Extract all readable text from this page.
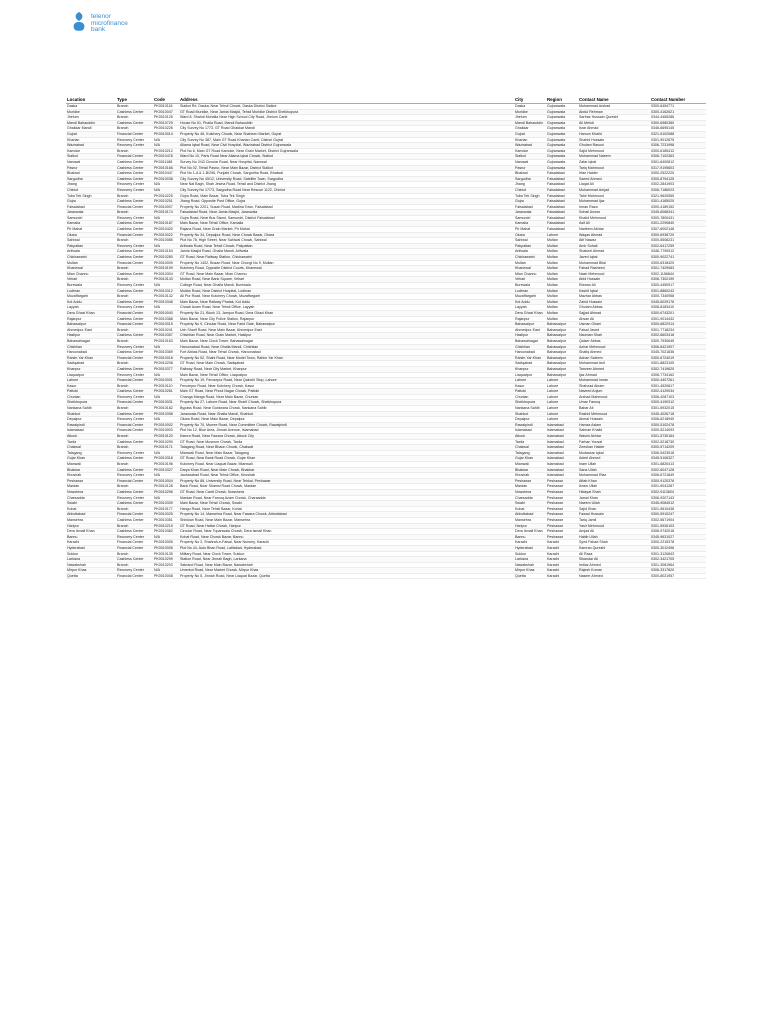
telenor
microfinance
bank
Location	Type	Code	Address	City	Region	Contact Name	Contact Number
Daska	Branch	PK0010116	Sialkot Rd. Daska, Near Tehsil Chowk, Daska District Sialkot	Daska	Gujranwala	Muhammad Arshad	0300-6454771
Muridke	Cashless Center	PK0010047	GT Road Muridke, Near Jamia Masjid, Tehsil Muridke District Sheikhupura	Muridke	Gujranwala	Abdul Rehman	0300-4162621
Jhelum	Branch	PK0010125	Ward 8, Shahdi Mohalla Near High School City Road, Jhelum Cantt	Jhelum	Gujranwala	Sarfraz Hussain Qureshi	0344-4455286
Mandi Bahauddin	Cashless Center	PK0010729	House No 61, Phalia Road, Mandi Bahauddin	Mandi Bahauddin	Gujranwala	Ali Mehdi	0300-6980380
Ghakkar Mandi	Branch	PK0010226	City Survey No 1773, GT Road Ghakkar Mandi	Ghakkar	Gujranwala	Israr Ahmad	0346-6695145
Gujrat	Financial Center	PK0010014	Property No 48, Kutchery Chowk, Near Shaheen Market, Gujrat	Gujrat	Gujranwala	Haroon Khalid	0321-5102088
Kharian	Recovery Center	N/A	City Survey No 387, Main GT Road Kharian Cantt, District Gujrat	Kharian	Gujranwala	Shahid Hussain	0301-9012875
Wazirabad	Recovery Center	N/A	Allama Iqbal Road, Near Civil Hospital, Wazirabad District Gujranwala	Wazirabad	Gujranwala	Ghulam Rasool	0306-7231998
Kamoke	Branch	PK0010212	Plot No 6, Main GT Road Kamoke, Near Grain Market, District Gujranwala	Kamoke	Gujranwala	Sajid Mehmood	0300-6185412
Sialkot	Financial Center	PK0010476	Ward No 10, Paris Road Near Allama Iqbal Chowk, Sialkot	Sialkot	Gujranwala	Muhammad Naeem	0306-7102363
Narowal	Cashless Center	PK0011188	Survey No 2/43 Circular Road, Near Hospital, Narowal	Narowal	Gujranwala	Zafar Iqbal	0301-6400812
Pasrur	Cashless Center	PK0010166	Plot No 02, Tehsil Pasrur, Near Main Bazar, District Sialkot	Pasrur	Gujranwala	Tariq Mahmood	0317-9195603
Bhalwal	Cashless Center	PK0010447	Plot No 1-A & 1-B/296, Punjabi Chowk, Sargodha Road, Bhalwal	Bhalwal	Faisalabad	Irfan Haider	0300-2522220
Sargodha	Cashless Center	PK0010038	City Survey No 45/12, University Road, Satellite Town, Sargodha	Sargodha	Faisalabad	Saeed Ahmed	0300-8794125
Jhang	Recovery Center	N/A	Near Nai Bagh, Shah Jewna Road, Tehsil and District Jhang	Jhang	Faisalabad	Liaqat Ali	0302-2841903
Chiniot	Recovery Center	N/A	City Survey No 17/73, Sargodha Road Near Rescue 1122, Chiniot	Chiniot	Faisalabad	Muhammad Amjad	0306-7186023
Toba Tek Singh	Branch	PK0010225	Gojra Road, Main Bazar, Toba Tek Singh	Toba Tek Singh	Faisalabad	Tahir Mahmood	0321-9620555
Gojra	Cashless Center	PK0010251	Jhang Road, Opposite Post Office, Gojra	Gojra	Faisalabad	Muhammad Ijaz	0301-4185020
Faisalabad	Financial Center	PK0010007	Property No 2201, Susan Road, Madina Town, Faisalabad	Faisalabad	Faisalabad	Imran Raza	0300-4189152
Jaranwala	Branch	PK0010174	Faisalabad Road, Near Jamia Masjid, Jaranwala	Jaranwala	Faisalabad	Sohail Anwar	0345-6068341
Samundri	Recovery Center	N/A	Gojra Road, Near Bus Stand, Samundri, District Faisalabad	Samundri	Faisalabad	Khalid Mehmood	0300-7800431
Kamalia	Cashless Center	PK0010187	Main Bazar, Near Tehsil Office, Kamalia	Kamalia	Faisalabad	Asif Ali	0301-2290840
Pir Mahal	Cashless Center	PK0010420	Rajana Road, Near Grain Market, Pir Mahal	Pir Mahal	Faisalabad	Nadeem Akhtar	0307-6002148
Okara	Financial Center	PK0010022	Property No 34, Depalpur Road, Near Chowk Bazar, Okara	Okara	Lahore	Waqas Ahmad	0300-6938720
Sahiwal	Branch	PK0010085	Plot No 78, High Street, Near Sahiwal Chowk, Sahiwal	Sahiwal	Multan	Atif Nawaz	0300-5508231
Pakpattan	Recovery Center	N/A	Arifwala Road, Near Tehsil Chowk, Pakpattan	Pakpattan	Multan	Amir Sohail	0302-6417259
Arifwala	Cashless Center	PK0010154	Jamia Masjid Road, Ghalla Mandi, Arifwala	Arifwala	Multan	Shakeel Ahmad	0346-7790512
Chichawatni	Cashless Center	PK0010280	GT Road, Near Railway Station, Chichawatni	Chichawatni	Multan	Javed Iqbal	0300-9022741
Multan	Financial Center	PK0010009	Property No 1402, Bosan Road, Near Chungi No 9, Multan	Multan	Multan	Muhammad Bilal	0300-6318420
Khanewal	Branch	PK0010199	Kutchery Road, Opposite District Courts, Khanewal	Khanewal	Multan	Fahad Rasheed	0301-7429083
Mian Channu	Cashless Center	PK0010304	GT Road, Near Main Bazar, Mian Channu	Mian Channu	Multan	Nasir Mehmood	0302-1156844
Vehari	Branch	PK0010143	Multan Road, Near Bank Square, Vehari	Vehari	Multan	Abid Hussain	0306-7302190
Burewala	Recovery Center	N/A	College Road, Near Ghalla Mandi, Burewala	Burewala	Multan	Rizwan Ali	0300-4450917
Lodhran	Cashless Center	PK0010312	Multan Road, Near District Hospital, Lodhran	Lodhran	Multan	Kashif Iqbal	0301-8860242
Muzaffargarh	Branch	PK0010132	Ali Pur Road, Near Kutchery Chowk, Muzaffargarh	Muzaffargarh	Multan	Mazhar Abbas	0300-7340958
Kot Addu	Cashless Center	PK0010346	Main Bazar, Near Railway Phatak, Kot Addu	Kot Addu	Multan	Zahid Hussain	0345-6029176
Layyah	Recovery Center	N/A	Chowk Azam Road, Near Tehsil Office, Layyah	Layyah	Multan	Ghulam Abbas	0306-8183410
Dera Ghazi Khan	Financial Center	PK0010040	Property No 21, Block 13, Jampur Road, Dera Ghazi Khan	Dera Ghazi Khan	Multan	Sajjad Ahmad	0300-6743201
Rajanpur	Cashless Center	PK0010388	Main Bazar, Near City Police Station, Rajanpur	Rajanpur	Multan	Ahsan Ali	0301-9014432
Bahawalpur	Financial Center	PK0010015	Property No 9, Circular Road, Near Farid Gate, Bahawalpur	Bahawalpur	Bahawalpur	Usman Ghani	0300-6822914
Ahmedpur East	Branch	PK0010241	Uch Sharif Road, Near Main Bazar, Ahmedpur East	Ahmedpur East	Bahawalpur	Faisal Javed	0301-7718234
Hasilpur	Cashless Center	PK0010357	Chishtian Road, Near Grain Market, Hasilpur	Hasilpur	Bahawalpur	Nauman Shah	0302-6603418
Bahawalnagar	Branch	PK0010163	Main Bazar, Near Clock Tower, Bahawalnagar	Bahawalnagar	Bahawalpur	Qaiser Abbas	0300-7930645
Chishtian	Recovery Center	N/A	Haroonabad Road, Near Ghalla Mandi, Chishtian	Chishtian	Bahawalpur	Azhar Mehmood	0306-8421907
Haroonabad	Cashless Center	PK0010369	Fort Abbas Road, Near Tehsil Chowk, Haroonabad	Haroonabad	Bahawalpur	Shafiq Ahmed	0345-7021836
Rahim Yar Khan	Financial Center	PK0010018	Property No 52, Shahi Road, Near Model Town, Rahim Yar Khan	Rahim Yar Khan	Bahawalpur	Adnan Saleem	0300-6724019
Sadiqabad	Branch	PK0010208	GT Road, Near Main Chowk, Sadiqabad	Sadiqabad	Bahawalpur	Muhammad Asif	0301-8823105
Khanpur	Cashless Center	PK0010377	Railway Road, Near City Market, Khanpur	Khanpur	Bahawalpur	Tanveer Ahmed	0302-7419620
Liaquatpur	Recovery Center	N/A	Main Bazar, Near Tehsil Office, Liaquatpur	Liaquatpur	Bahawalpur	Ijaz Ahmad	0306-7734162
Lahore	Financial Center	PK0010001	Property No 19, Ferozepur Road, Near Qainchi Stop, Lahore	Lahore	Lahore	Muhammad Imran	0300-4407261
Kasur	Branch	PK0010110	Ferozepur Road, Near Kutchery Chowk, Kasur	Kasur	Lahore	Shahzad Akram	0301-4520817
Pattoki	Cashless Center	PK0010261	Main GT Road, Near Phool Nagar Chowk, Pattoki	Pattoki	Lahore	Naveed Anjum	0302-4129034
Chunian	Recovery Center	N/A	Changa Manga Road, Near Main Bazar, Chunian	Chunian	Lahore	Arshad Mahmood	0306-4287103
Sheikhupura	Financial Center	PK0010031	Property No 27, Lahore Road, Near Sharif Chowk, Sheikhupura	Sheikhupura	Lahore	Umar Farooq	0300-4190312
Nankana Sahib	Branch	PK0010182	Bypass Road, Near Gurdwara Chowk, Nankana Sahib	Nankana Sahib	Lahore	Babar Ali	0301-6932015
Shahkot	Cashless Center	PK0010398	Jaranwala Road, Near Ghalla Mandi, Shahkot	Shahkot	Lahore	Rashid Mehmood	0345-4026718
Depalpur	Recovery Center	N/A	Okara Road, Near Main Bazar, Depalpur	Depalpur	Lahore	Akmal Hussain	0306-6218940
Rawalpindi	Financial Center	PK0010002	Property No 70, Murree Road, Near Committee Chowk, Rawalpindi	Rawalpindi	Islamabad	Hamza Aslam	0300-5102478
Islamabad	Financial Center	PK0010003	Plot No 12, Blue Area, Jinnah Avenue, Islamabad	Islamabad	Islamabad	Salman Khalid	0300-5214093
Attock	Branch	PK0010120	Kamra Road, Near Fawara Chowk, Attock City	Attock	Islamabad	Wasim Akhtar	0301-5730164
Taxila	Cashless Center	PK0010290	GT Road, Near Museum Chowk, Taxila	Taxila	Islamabad	Farhan Yousaf	0302-5218730
Chakwal	Branch	PK0010171	Talagang Road, Near Bhaun Chowk, Chakwal	Chakwal	Islamabad	Zeeshan Haider	0300-5714209
Talagang	Recovery Center	N/A	Mianwali Road, Near Main Bazar, Talagang	Talagang	Islamabad	Mudassar Iqbal	0306-5423918
Gujar Khan	Cashless Center	PK0010318	GT Road, Near Bank Road Chowk, Gujar Khan	Gujar Khan	Islamabad	Adeel Ahmed	0345-5106327
Mianwali	Branch	PK0010196	Kutchery Road, Near Liaquat Bazar, Mianwali	Mianwali	Islamabad	Inam Ullah	0301-6820413
Bhakkar	Cashless Center	PK0010327	Darya Khan Road, Near Main Chowk, Bhakkar	Bhakkar	Islamabad	Sana Ullah	0302-6047128
Khushab	Recovery Center	N/A	Jauharabad Road, Near Tehsil Office, Khushab	Khushab	Islamabad	Muhammad Riaz	0306-6721849
Peshawar	Financial Center	PK0010004	Property No 88, University Road, Near Tehkal, Peshawar	Peshawar	Peshawar	Aftab Khan	0300-9120376
Mardan	Branch	PK0010128	Bank Road, Near Shamsi Road Chowk, Mardan	Mardan	Peshawar	Ikram Ullah	0301-9041287
Nowshera	Cashless Center	PK0010296	GT Road, Near Cantt Chowk, Nowshera	Nowshera	Peshawar	Hidayat Shah	0302-9113604
Charsadda	Recovery Center	N/A	Mardan Road, Near Farooq Azam Chowk, Charsadda	Charsadda	Peshawar	Jamal Khan	0306-9207143
Swabi	Cashless Center	PK0010339	Main Bazar, Near Tehsil Chowk, Swabi	Swabi	Peshawar	Naeem Ullah	0345-9084512
Kohat	Branch	PK0010177	Hangu Road, Near Tehsil Bazar, Kohat	Kohat	Peshawar	Sajid Khan	0301-9610438
Abbottabad	Financial Center	PK0010025	Property No 14, Mansehra Road, Near Fawara Chowk, Abbottabad	Abbottabad	Peshawar	Fawad Hussain	0300-5910247
Mansehra	Cashless Center	PK0010351	Shinkiari Road, Near Main Bazar, Mansehra	Mansehra	Peshawar	Tariq Jamil	0302-5671904
Haripur	Branch	PK0010215	GT Road, Near Hattar Chowk, Haripur	Haripur	Peshawar	Yasir Mehmood	0301-5926103
Dera Ismail Khan	Cashless Center	PK0010362	Circular Road, Near Topanwala Chowk, Dera Ismail Khan	Dera Ismail Khan	Peshawar	Amjad Ali	0306-9742018
Bannu	Recovery Center	N/A	Kohat Road, Near Chowk Bazar, Bannu	Bannu	Peshawar	Habib Ullah	0345-9631027
Karachi	Financial Center	PK0010005	Property No 3, Shahrah-e-Faisal, Near Nursery, Karachi	Karachi	Karachi	Syed Fahad Shah	0300-2215378
Hyderabad	Financial Center	PK0010006	Plot No 44, Auto Bhan Road, Latifabad, Hyderabad	Hyderabad	Karachi	Kamran Qureshi	0300-3012496
Sukkur	Branch	PK0010135	Military Road, Near Clock Tower, Sukkur	Sukkur	Karachi	Ali Raza	0301-3120843
Larkana	Cashless Center	PK0010299	Station Road, Near Jinnah Bagh, Larkana	Larkana	Karachi	Sikandar Ali	0302-3421705
Nawabshah	Branch	PK0010203	Sakrand Road, Near Main Bazar, Nawabshah	Nawabshah	Karachi	Imtiaz Ahmed	0301-3081964
Mirpur Khas	Recovery Center	N/A	Umerkot Road, Near Market Chowk, Mirpur Khas	Mirpur Khas	Karachi	Rajesh Kumar	0306-3317820
Quetta	Financial Center	PK0010008	Property No 5, Jinnah Road, Near Liaquat Bazar, Quetta	Quetta	Karachi	Naseer Ahmed	0300-8021957
